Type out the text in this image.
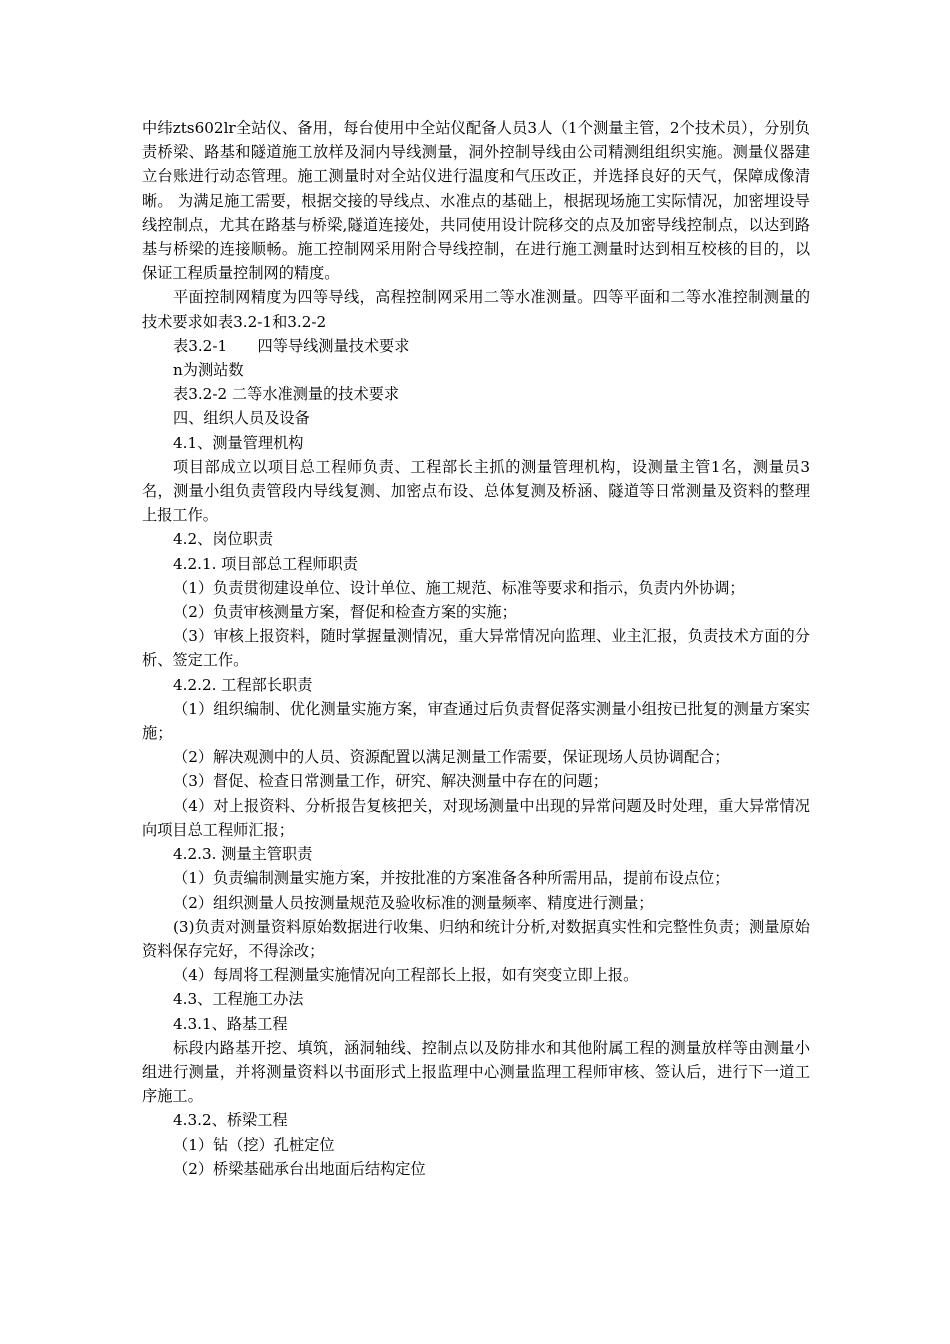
中纬zts602lr全站仪、备用，每台使用中全站仪配备人员3人（1个测量主管，2个技术员），分别负责桥梁、路基和隧道施工放样及洞内导线测量，洞外控制导线由公司精测组组织实施。测量仪器建立台账进行动态管理。施工测量时对全站仪进行温度和气压改正，并选择良好的天气，保障成像清晰。 为满足施工需要，根据交接的导线点、水准点的基础上，根据现场施工实际情况，加密埋设导线控制点，尤其在路基与桥梁,隧道连接处，共同使用设计院移交的点及加密导线控制点，以达到路基与桥梁的连接顺畅。施工控制网采用附合导线控制，在进行施工测量时达到相互校核的目的，以保证工程质量控制网的精度。

平面控制网精度为四等导线，高程控制网采用二等水准测量。四等平面和二等水准控制测量的技术要求如表3.2-1和3.2-2

表3.2-1　　四等导线测量技术要求

n为测站数

表3.2-2 二等水准测量的技术要求

四、组织人员及设备

4.1、测量管理机构

项目部成立以项目总工程师负责、工程部长主抓的测量管理机构，设测量主管1名，测量员3名，测量小组负责管段内导线复测、加密点布设、总体复测及桥涵、隧道等日常测量及资料的整理上报工作。

4.2、岗位职责

4.2.1. 项目部总工程师职责

（1）负责贯彻建设单位、设计单位、施工规范、标准等要求和指示，负责内外协调；

（2）负责审核测量方案，督促和检查方案的实施；

（3）审核上报资料，随时掌握量测情况，重大异常情况向监理、业主汇报，负责技术方面的分析、签定工作。

4.2.2. 工程部长职责

（1）组织编制、优化测量实施方案，审查通过后负责督促落实测量小组按已批复的测量方案实施；

（2）解决观测中的人员、资源配置以满足测量工作需要，保证现场人员协调配合；

（3）督促、检查日常测量工作，研究、解决测量中存在的问题；

（4）对上报资料、分析报告复核把关，对现场测量中出现的异常问题及时处理，重大异常情况向项目总工程师汇报；

4.2.3. 测量主管职责

（1）负责编制测量实施方案，并按批准的方案准备各种所需用品，提前布设点位；

（2）组织测量人员按测量规范及验收标准的测量频率、精度进行测量；

(3)负责对测量资料原始数据进行收集、归纳和统计分析,对数据真实性和完整性负责；测量原始资料保存完好，不得涂改；

（4）每周将工程测量实施情况向工程部长上报，如有突变立即上报。

4.3、工程施工办法

4.3.1、路基工程

标段内路基开挖、填筑，涵洞轴线、控制点以及防排水和其他附属工程的测量放样等由测量小组进行测量，并将测量资料以书面形式上报监理中心测量监理工程师审核、签认后，进行下一道工序施工。

4.3.2、桥梁工程

（1）钻（挖）孔桩定位

（2）桥梁基础承台出地面后结构定位
